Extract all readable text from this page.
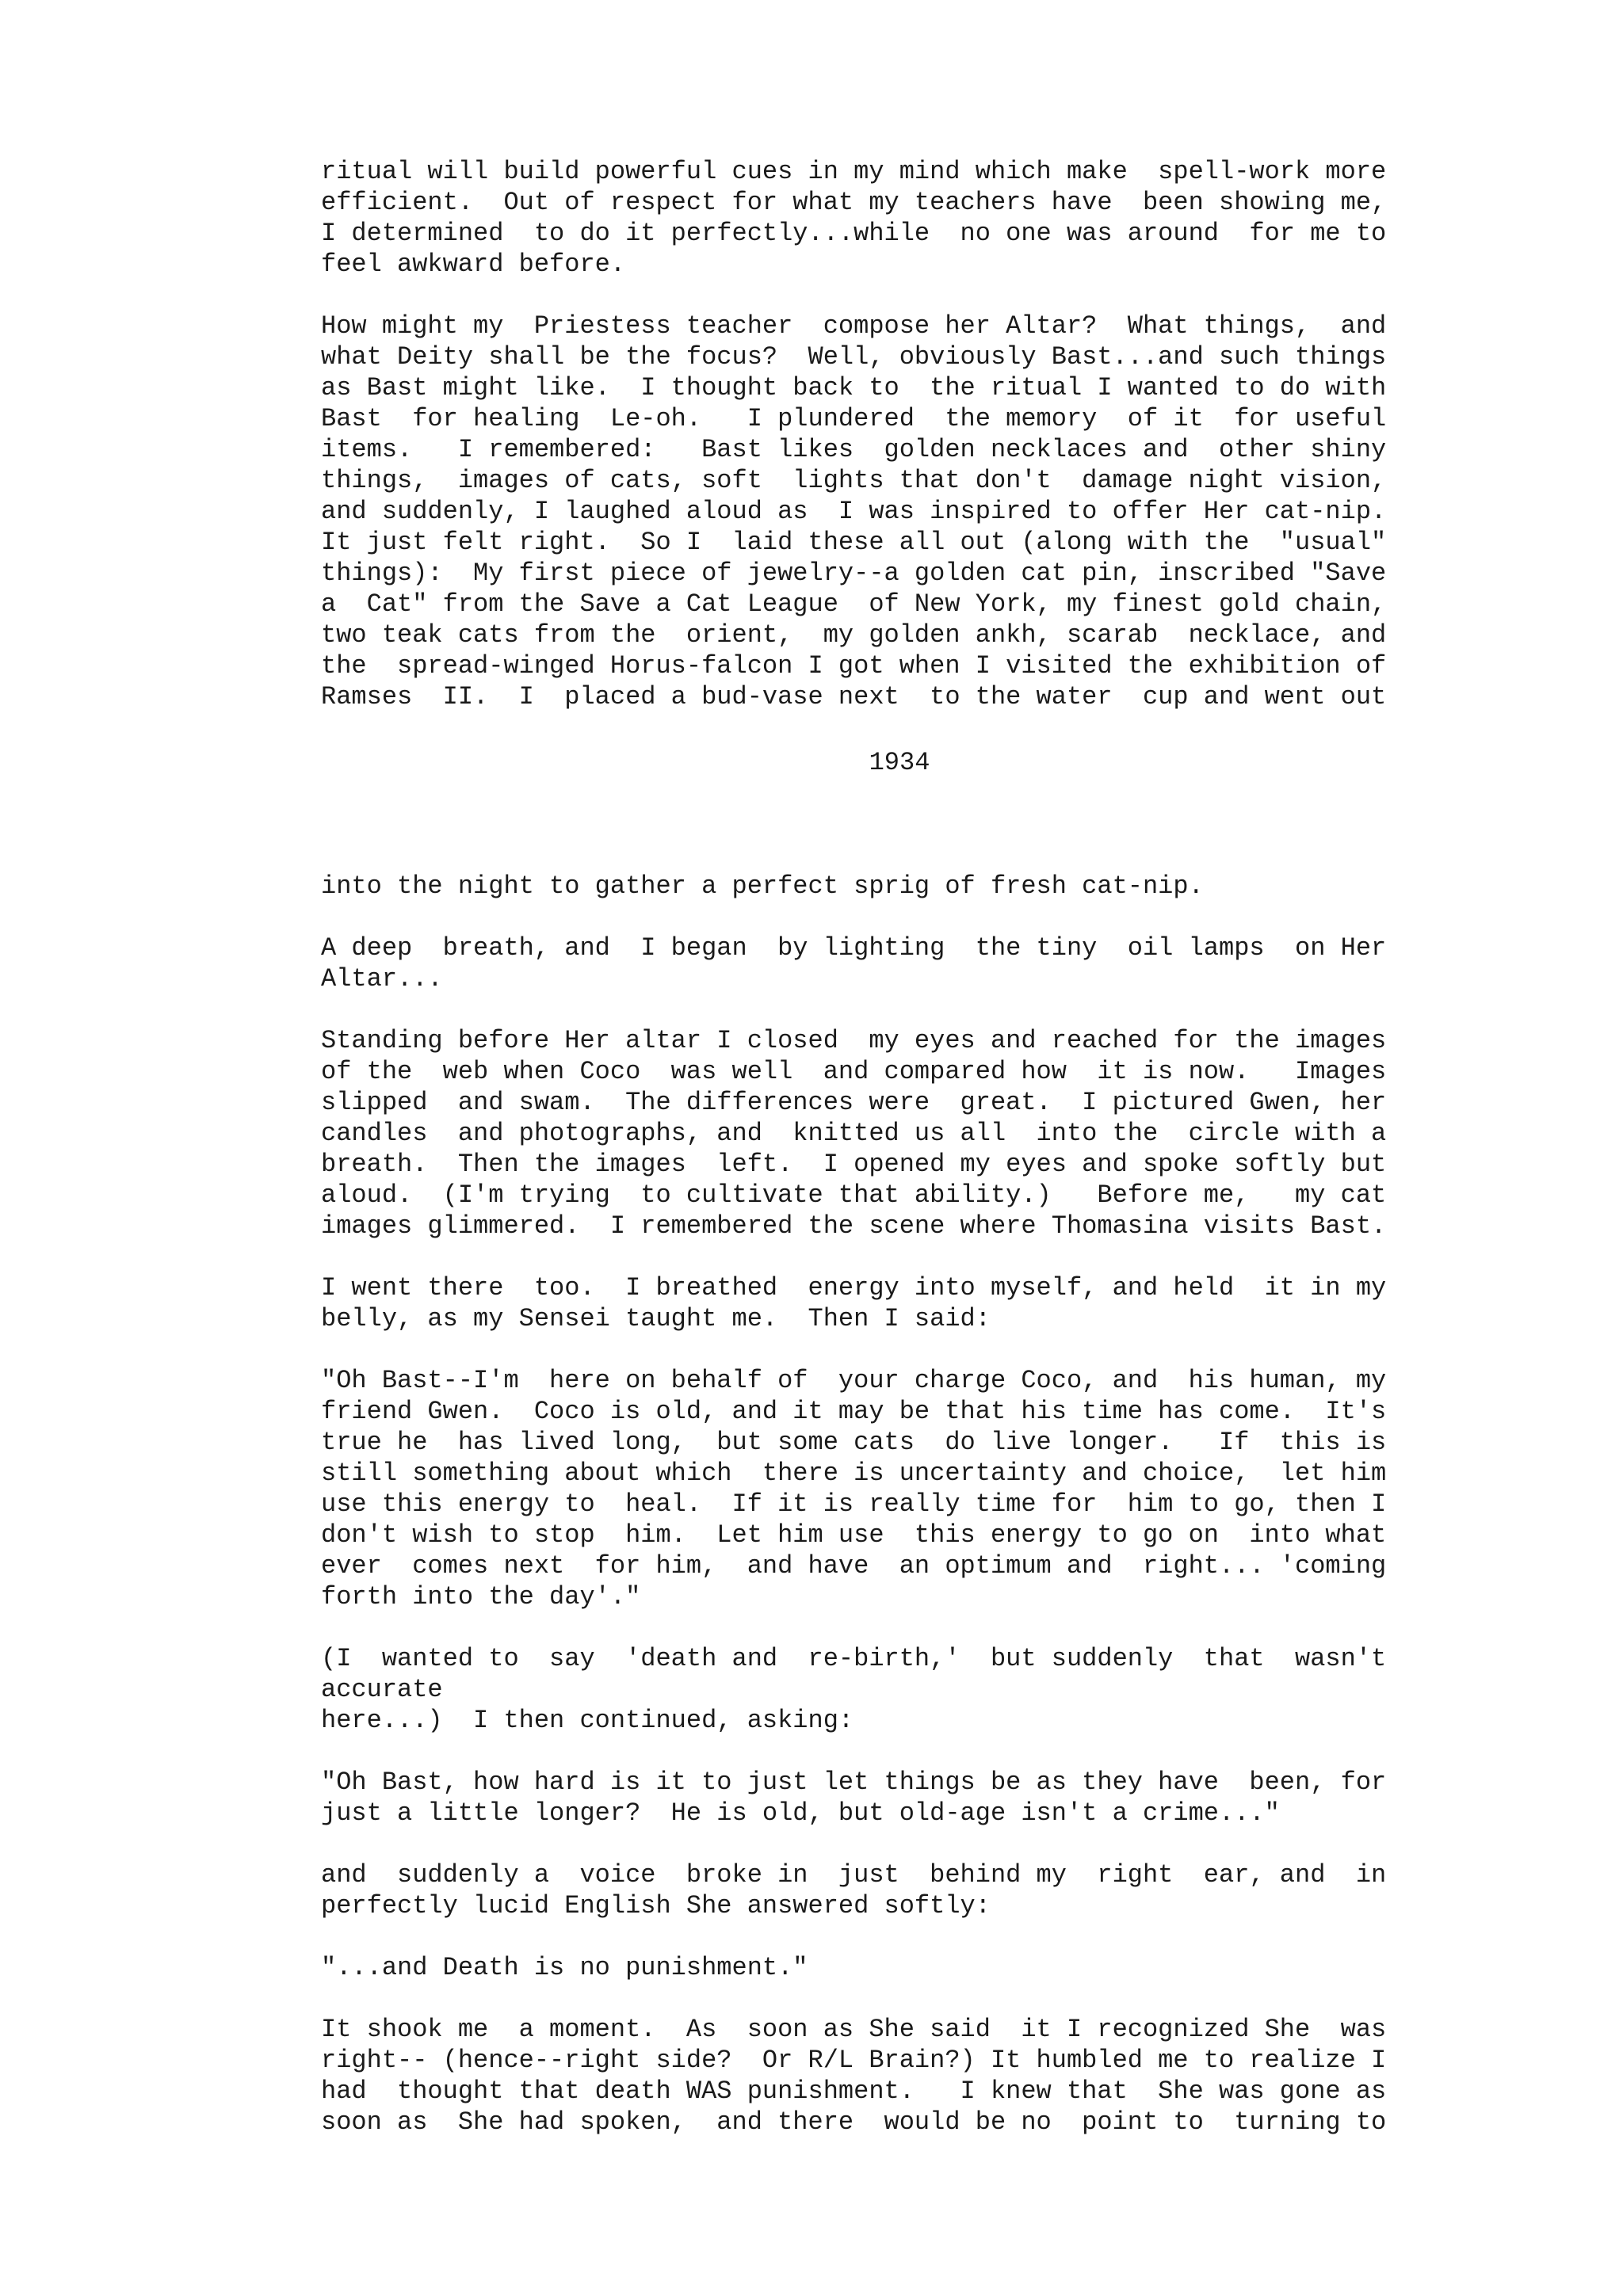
ritual will build powerful cues in my mind which make  spell-work more
efficient.  Out of respect for what my teachers have  been showing me,
I determined  to do it perfectly...while  no one was around  for me to
feel awkward before.
How might my  Priestess teacher  compose her Altar?  What things,  and
what Deity shall be the focus?  Well, obviously Bast...and such things
as Bast might like.  I thought back to  the ritual I wanted to do with
Bast  for healing  Le-oh.   I plundered  the memory  of it  for useful
items.   I remembered:   Bast likes  golden necklaces and  other shiny
things,  images of cats, soft  lights that don't  damage night vision,
and suddenly, I laughed aloud as  I was inspired to offer Her cat-nip.
It just felt right.  So I  laid these all out (along with the  "usual"
things):  My first piece of jewelry--a golden cat pin, inscribed "Save
a  Cat" from the Save a Cat League  of New York, my finest gold chain,
two teak cats from the  orient,  my golden ankh, scarab  necklace, and
the  spread-winged Horus-falcon I got when I visited the exhibition of
Ramses  II.  I  placed a bud-vase next  to the water  cup and went out
1934
into the night to gather a perfect sprig of fresh cat-nip.
A deep  breath, and  I began  by lighting  the tiny  oil lamps  on Her
Altar...
Standing before Her altar I closed  my eyes and reached for the images
of the  web when Coco  was well  and compared how  it is now.   Images
slipped  and swam.  The differences were  great.  I pictured Gwen, her
candles  and photographs, and  knitted us all  into the  circle with a
breath.  Then the images  left.  I opened my eyes and spoke softly but
aloud.  (I'm trying  to cultivate that ability.)   Before me,   my cat
images glimmered.  I remembered the scene where Thomasina visits Bast.
I went there  too.  I breathed  energy into myself, and held  it in my
belly, as my Sensei taught me.  Then I said:
"Oh Bast--I'm  here on behalf of  your charge Coco, and  his human, my
friend Gwen.  Coco is old, and it may be that his time has come.  It's
true he  has lived long,  but some cats  do live longer.   If  this is
still something about which  there is uncertainty and choice,  let him
use this energy to  heal.  If it is really time for  him to go, then I
don't wish to stop  him.  Let him use  this energy to go on  into what
ever  comes next  for him,  and have  an optimum and  right... 'coming
forth into the day'."
(I  wanted to  say  'death and  re-birth,'  but suddenly  that  wasn't
accurate
here...)  I then continued, asking:
"Oh Bast, how hard is it to just let things be as they have  been, for
just a little longer?  He is old, but old-age isn't a crime..."
and  suddenly a  voice  broke in  just  behind my  right  ear, and  in
perfectly lucid English She answered softly:
"...and Death is no punishment."
It shook me  a moment.  As  soon as She said  it I recognized She  was
right-- (hence--right side?  Or R/L Brain?) It humbled me to realize I
had  thought that death WAS punishment.   I knew that  She was gone as
soon as  She had spoken,  and there  would be no  point to  turning to
